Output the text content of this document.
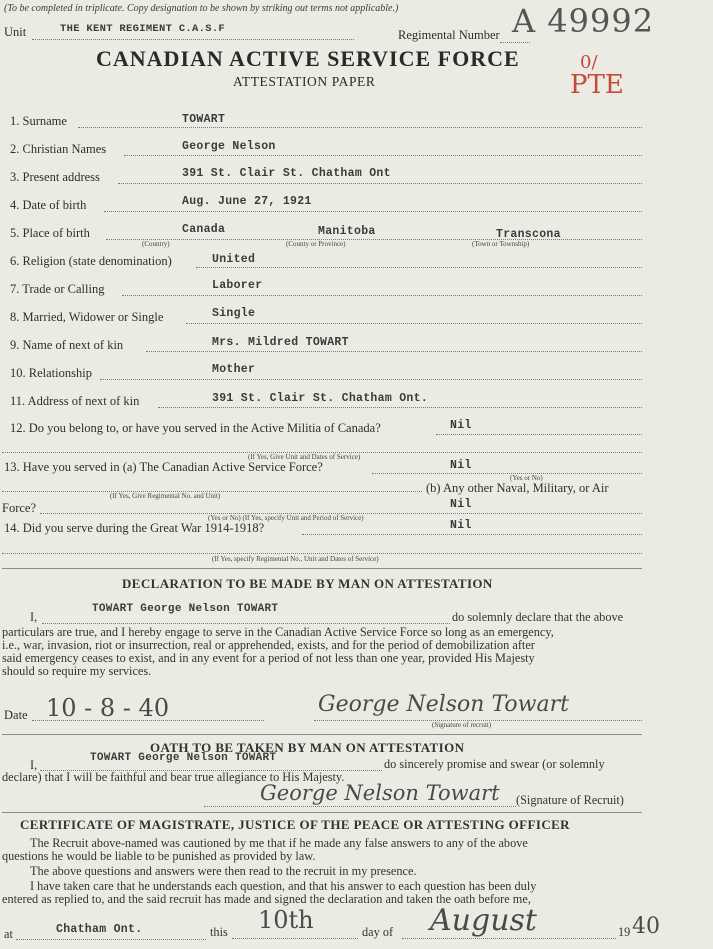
(To be completed in triplicate. Copy designation to be shown by striking out terms not applicable.)
Unit	THE KENT REGIMENT C.A.S.F	Regimental Number A 49992
CANADIAN ACTIVE SERVICE FORCE
ATTESTATION PAPER
0/
PTE
1. Surname	TOWART
2. Christian Names	George Nelson
3. Present address	391 St. Clair St. Chatham Ont
4. Date of birth	Aug. June 27, 1921
5. Place of birth	Canada	Manitoba	Transcona
(Country)	(County or Province)	(Town or Township)
6. Religion (state denomination)	United
7. Trade or Calling	Laborer
8. Married, Widower or Single	Single
9. Name of next of kin	Mrs. Mildred TOWART
10. Relationship	Mother
11. Address of next of kin	391 St. Clair St. Chatham Ont.
12. Do you belong to, or have you served in the Active Militia of Canada?	Nil
(If Yes, Give Unit and Dates of Service)
13. Have you served in (a) The Canadian Active Service Force?	Nil
(Yes or No)
(b) Any other Naval, Military, or Air
(If Yes, Give Regimental No. and Unit)
Force?	Nil
(Yes or No) (If Yes, specify Unit and Period of Service)
14. Did you serve during the Great War 1914-1918?	Nil
(If Yes, specify Regimental No., Unit and Dates of Service)
DECLARATION TO BE MADE BY MAN ON ATTESTATION
I,
TOWART George Nelson TOWART
do solemnly declare that the above
particulars are true, and I hereby engage to serve in the Canadian Active Service Force so long as an emergency,
i.e., war, invasion, riot or insurrection, real or apprehended, exists, and for the period of demobilization after
said emergency ceases to exist, and in any event for a period of not less than one year, provided His Majesty
should so require my services.
Date 10 - 8 - 40	George Nelson Towart
(Signature of recruit)
OATH TO BE TAKEN BY MAN ON ATTESTATION
I,	TOWART George Nelson TOWART	do sincerely promise and swear (or solemnly
declare) that I will be faithful and bear true allegiance to His Majesty.
George Nelson Towart (Signature of Recruit)
CERTIFICATE OF MAGISTRATE, JUSTICE OF THE PEACE OR ATTESTING OFFICER
The Recruit above-named was cautioned by me that if he made any false answers to any of the above
questions he would be liable to be punished as provided by law.
The above questions and answers were then read to the recruit in my presence.
I have taken care that he understands each question, and that his answer to each question has been duly
entered as replied to, and the said recruit has made and signed the declaration and taken the oath before me,
at	Chatham Ont.	this 10th	day of August	19 40
